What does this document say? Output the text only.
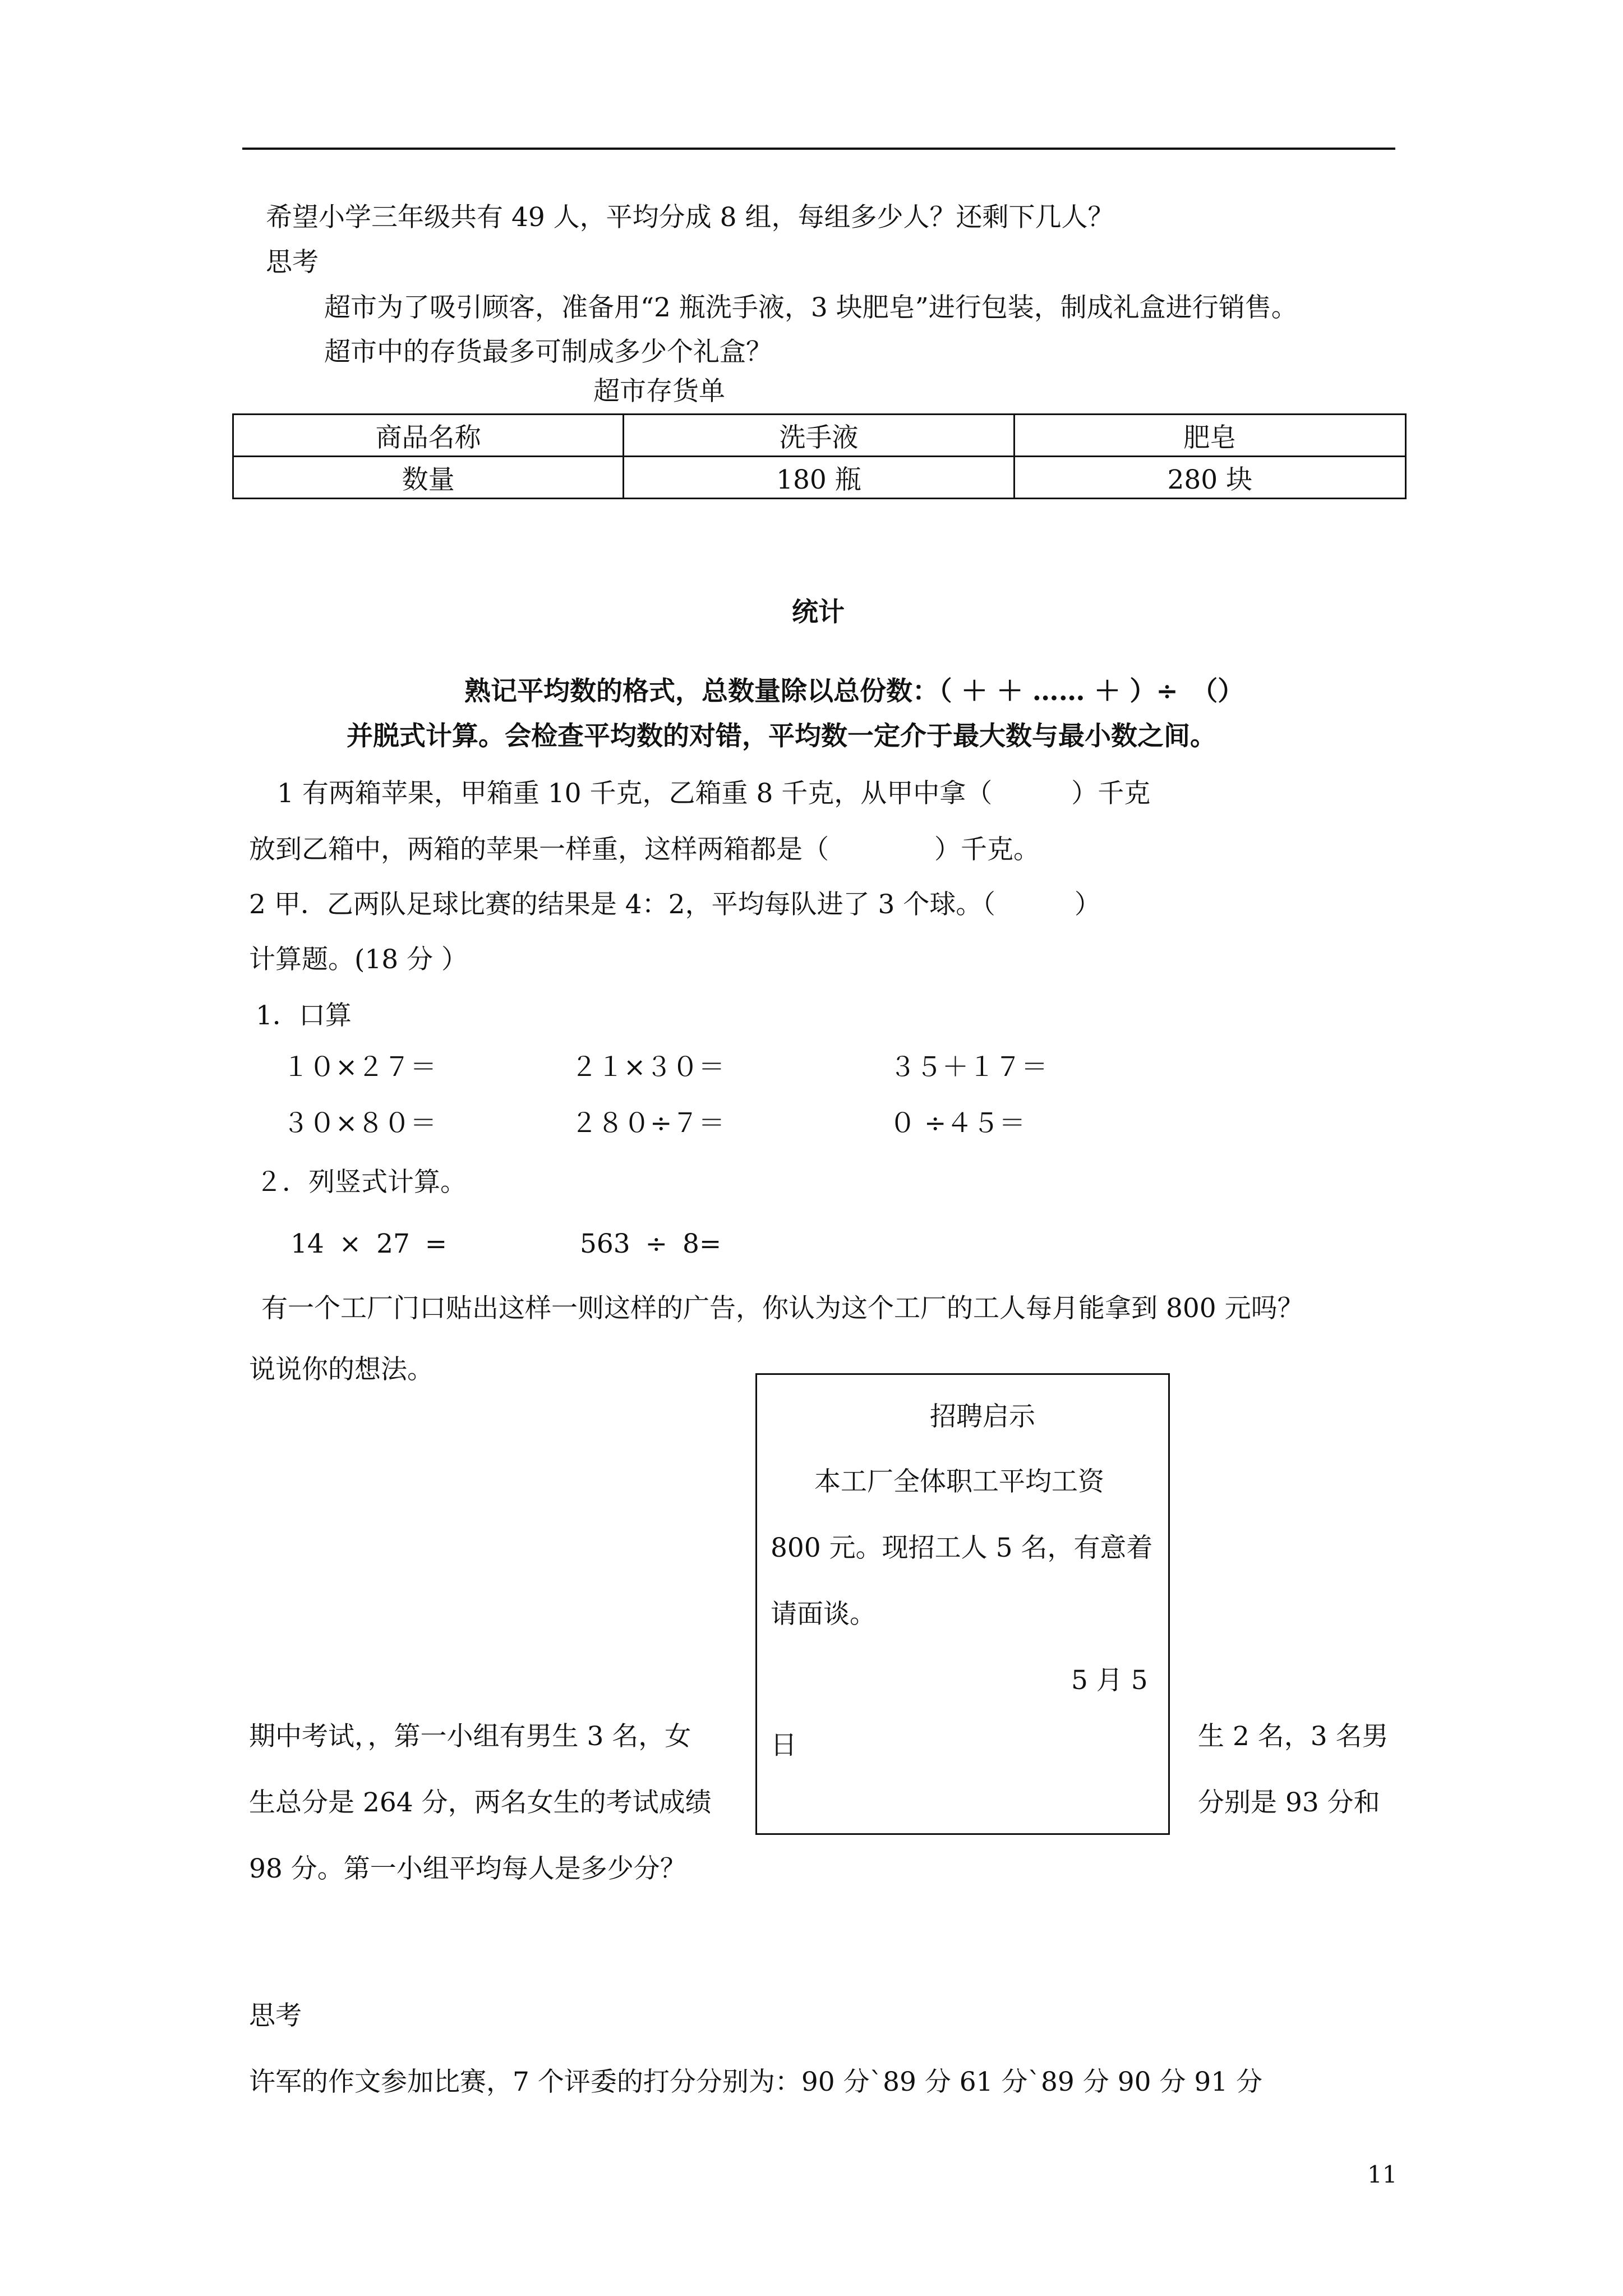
希望小学三年级共有 49 人，平均分成 8 组，每组多少人？还剩下几人？
思考
超市为了吸引顾客，准备用“2 瓶洗手液，3 块肥皂”进行包装，制成礼盒进行销售。
超市中的存货最多可制成多少个礼盒？
超市存货单
商品名称	洗手液	肥皂
数量	180 瓶	280 块
统计
熟记平均数的格式，总数量除以总份数：（ ＋ ＋ …… ＋ ）÷　（）
并脱式计算。会检查平均数的对错，平均数一定介于最大数与最小数之间。
1 有两箱苹果，甲箱重 10 千克，乙箱重 8 千克，从甲中拿（　　　）千克
放到乙箱中，两箱的苹果一样重，这样两箱都是（　　　　）千克。
2 甲．乙两队足球比赛的结果是 4：2，平均每队进了 3 个球。（　　　）
计算题。(18 分 ）
1．口算
１０×２７＝	２１×３０＝	３５＋１７＝
３０×８０＝	２８０÷７＝	０ ÷４５＝
２．列竖式计算。
14 × 27 =	563 ÷ 8=
有一个工厂门口贴出这样一则这样的广告，你认为这个工厂的工人每月能拿到 800 元吗？
说说你的想法。
招聘启示
本工厂全体职工平均工资
800 元。现招工人 5 名，有意着
请面谈。
5 月 5
日
期中考试，，第一小组有男生 3 名，女	生 2 名，3 名男
生总分是 264 分，两名女生的考试成绩	分别是 93 分和
98 分。第一小组平均每人是多少分？
思考
许军的作文参加比赛，7 个评委的打分分别为：90 分`89 分 61 分`89 分 90 分 91 分
11
